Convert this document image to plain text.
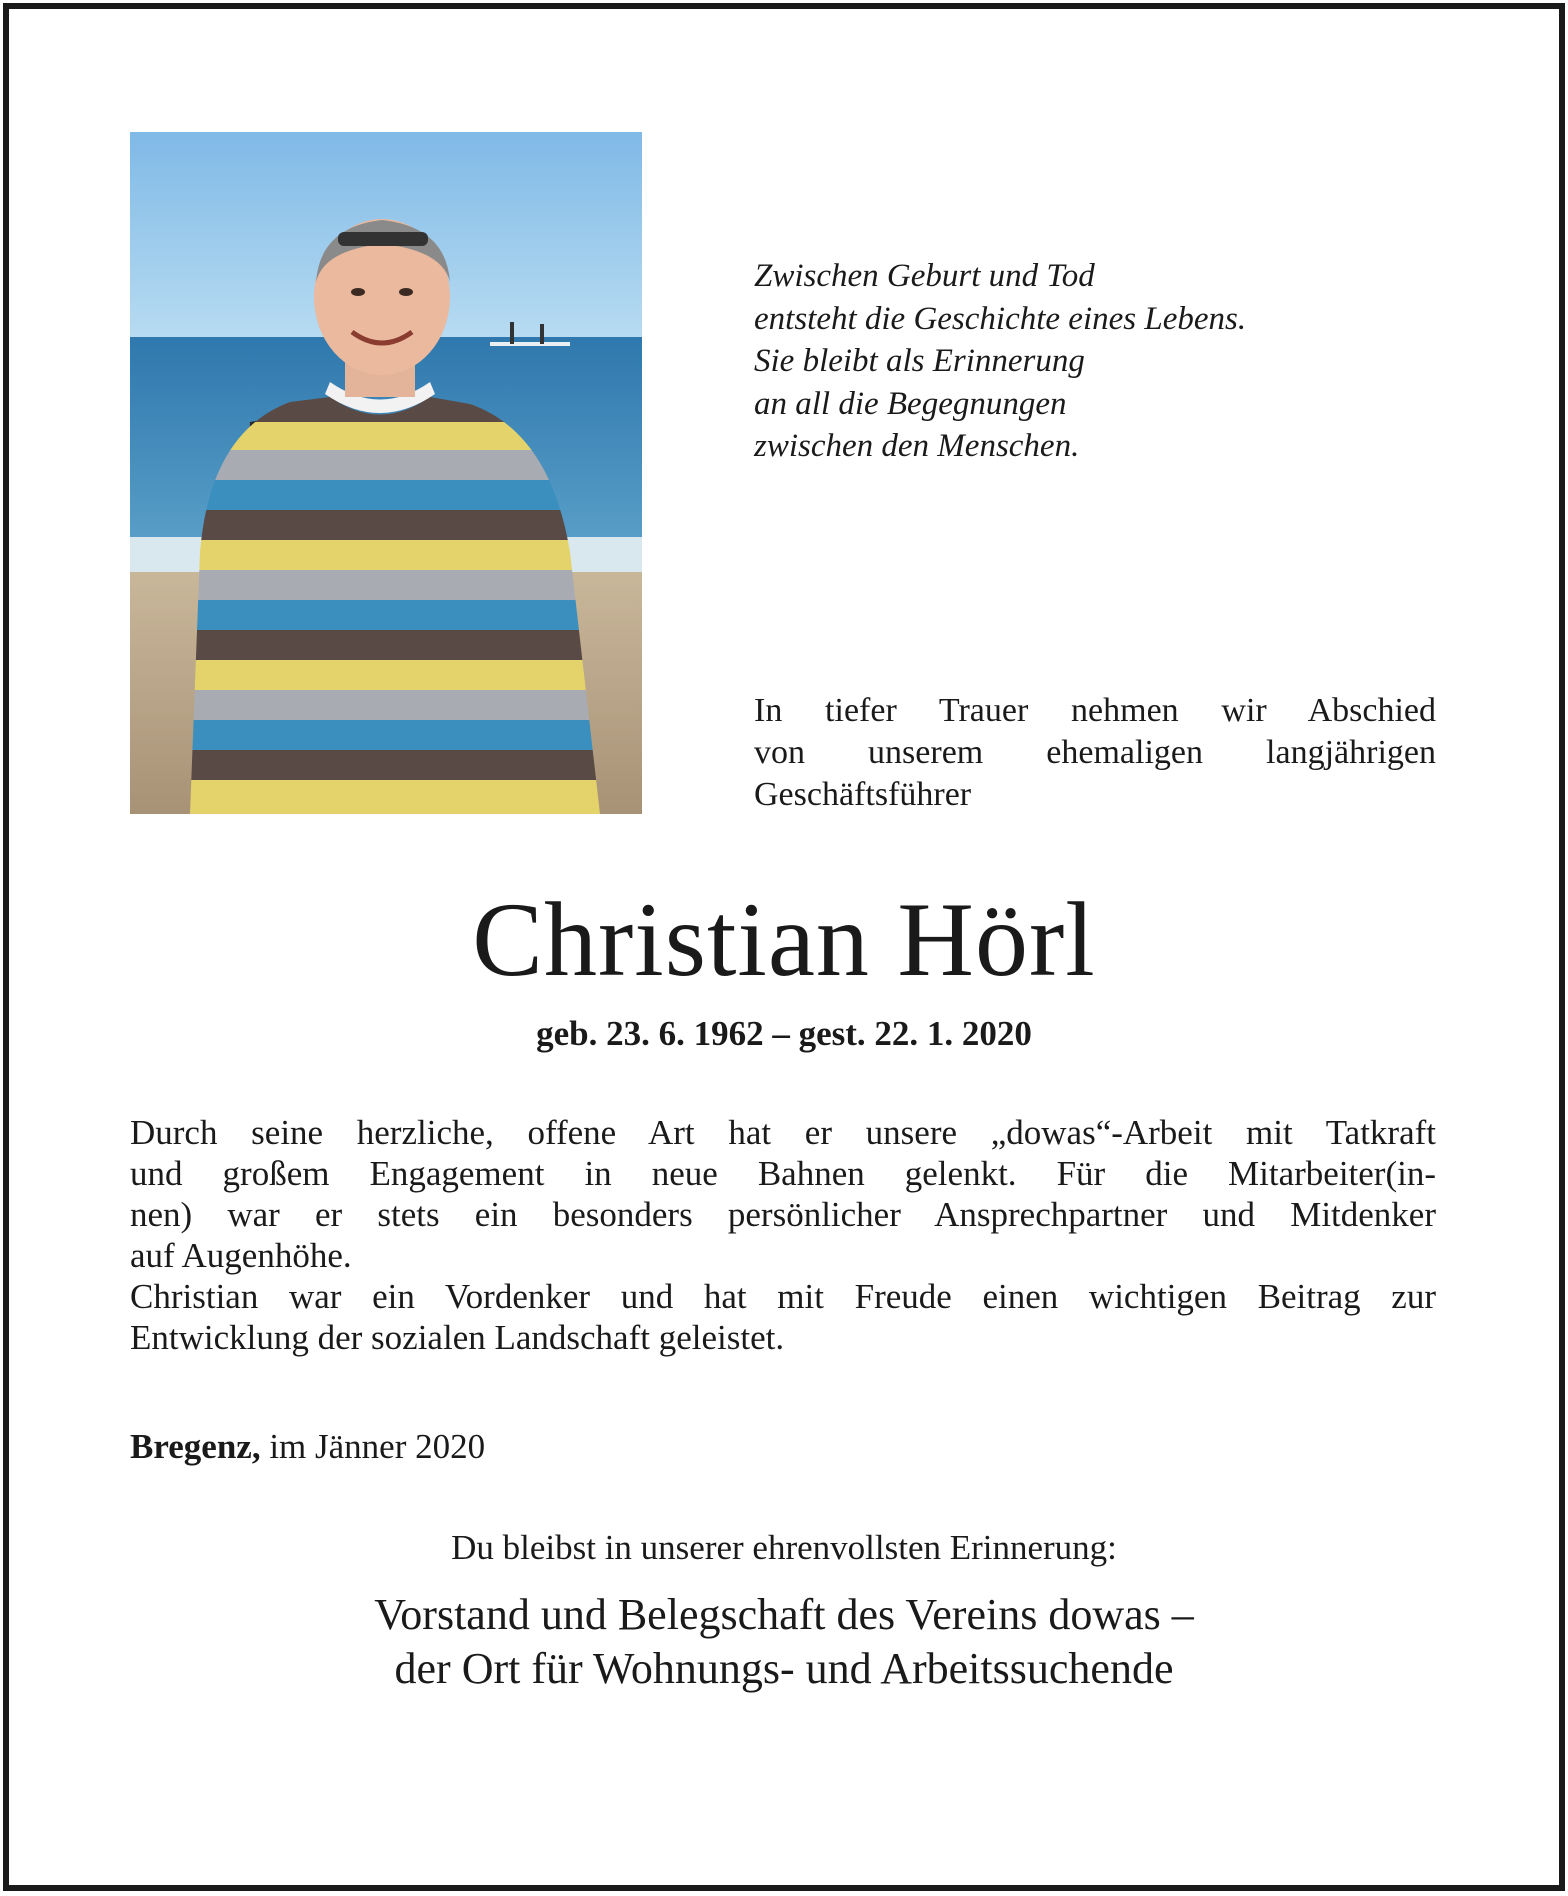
Zwischen Geburt und Tod
entsteht die Geschichte eines Lebens.
Sie bleibt als Erinnerung
an all die Begegnungen
zwischen den Menschen.
In tiefer Trauer nehmen wir Abschied
von unserem ehemaligen langjährigen
Geschäftsführer
Christian Hörl
geb. 23. 6. 1962 – gest. 22. 1. 2020
Durch seine herzliche, offene Art hat er unsere „dowas“-Arbeit mit Tatkraft
und großem Engagement in neue Bahnen gelenkt. Für die Mitarbeiter(in-
nen) war er stets ein besonders persönlicher Ansprechpartner und Mitdenker
auf Augenhöhe.
Christian war ein Vordenker und hat mit Freude einen wichtigen Beitrag zur
Entwicklung der sozialen Landschaft geleistet.
Bregenz, im Jänner 2020
Du bleibst in unserer ehrenvollsten Erinnerung:
Vorstand und Belegschaft des Vereins dowas –
der Ort für Wohnungs- und Arbeitssuchende
